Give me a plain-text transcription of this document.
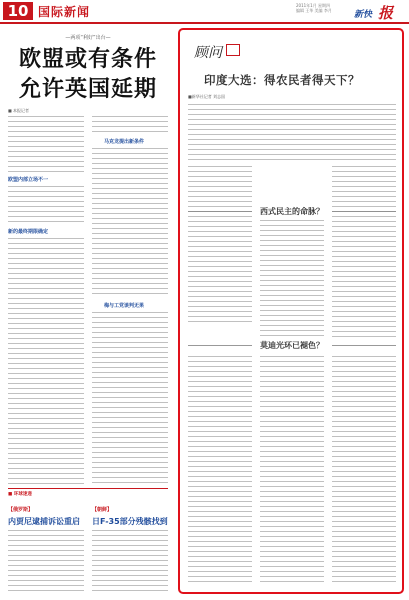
10 国际新闻	2011年1月 星期四
编辑 王华 美编 李月	新快 报
—两项“利好”出台—
欧盟或有条件
允许英国延期
■ 本报记者
欧盟内部立场不一
新的最终期限确定
马克龙提出新条件
梅与工党谈判无果
■ 环球速递
【俄罗斯】
内贾尼逮捕诉讼重启
【朝鲜】
日F-35部分残骸找到
顾问
印度大选：得农民者得天下？
■新华社记者 刘志国
西式民主的命脉？
莫迪光环已褪色？
